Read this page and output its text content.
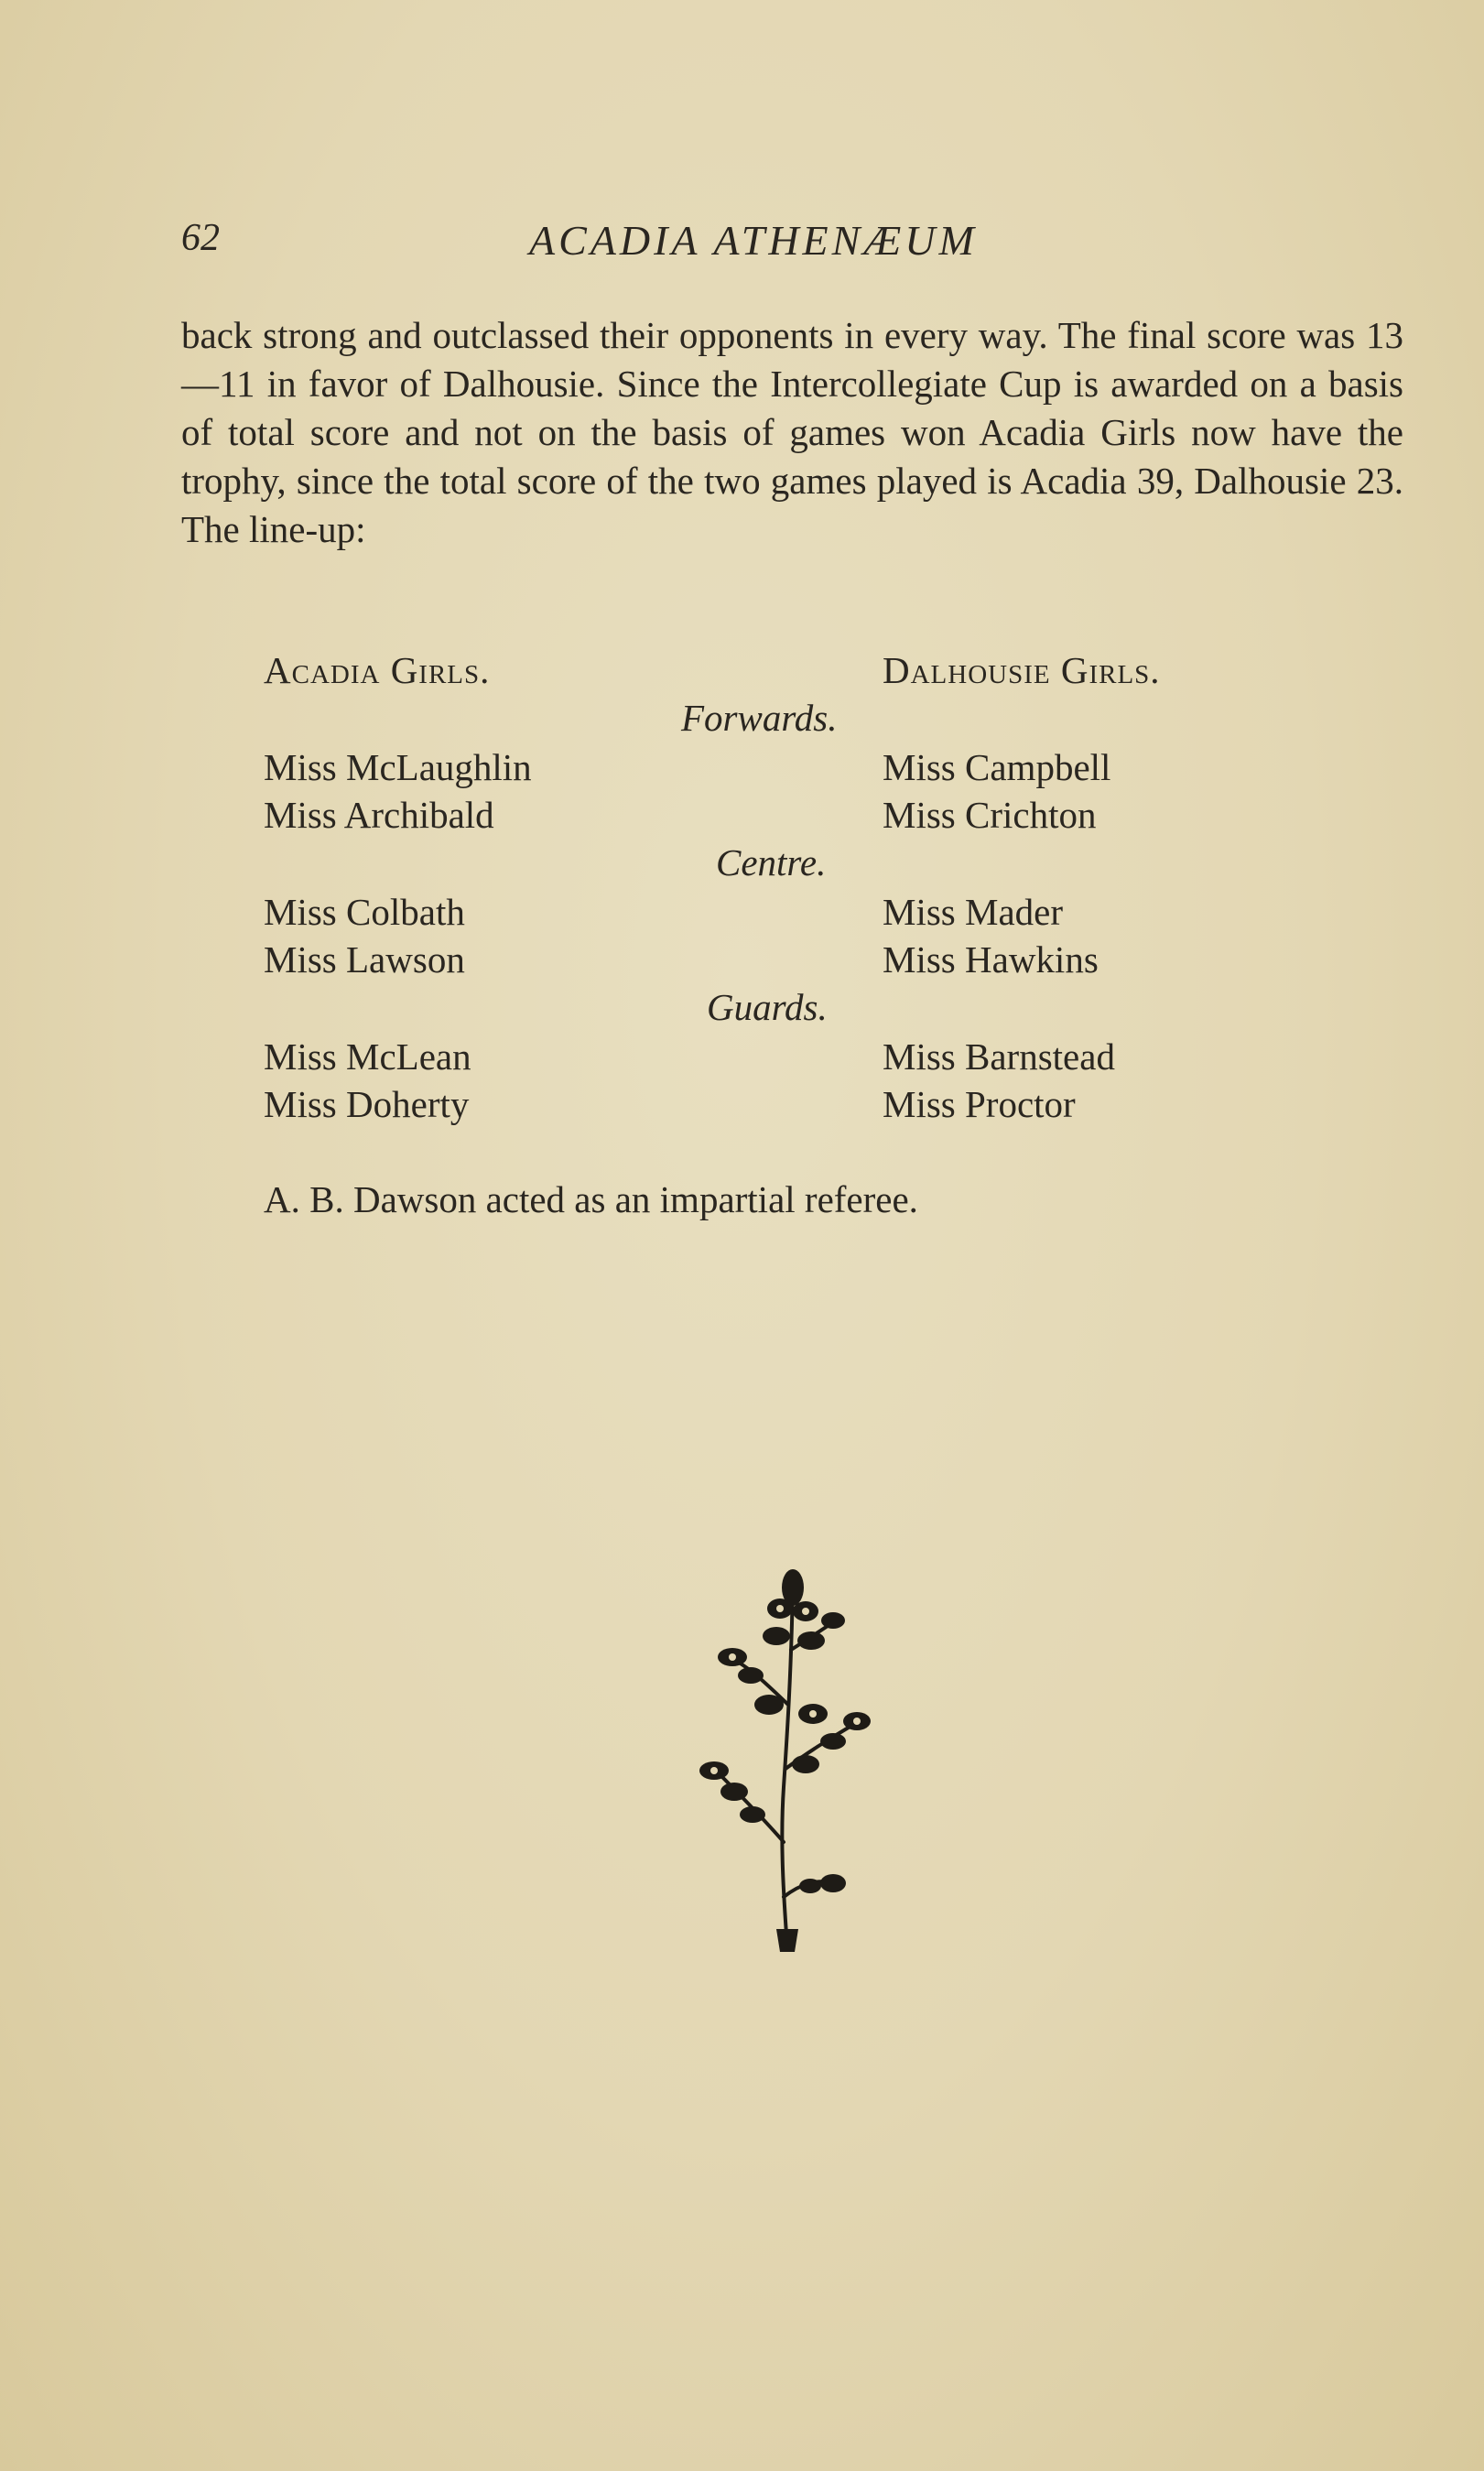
62	ACADIA ATHENÆUM
back strong and outclassed their opponents in every way. The final score was 13—11 in favor of Dalhousie. Since the Intercollegiate Cup is awarded on a basis of total score and not on the basis of games won Acadia Girls now have the trophy, since the total score of the two games played is Acadia 39, Dalhousie 23. The line-up:
Acadia Girls.	Dalhousie Girls.
Forwards.
Miss McLaughlin
Miss Archibald
Miss Campbell
Miss Crichton
Centre.
Miss Colbath
Miss Lawson
Miss Mader
Miss Hawkins
Guards.
Miss McLean
Miss Doherty
Miss Barnstead
Miss Proctor
A. B. Dawson acted as an impartial referee.
